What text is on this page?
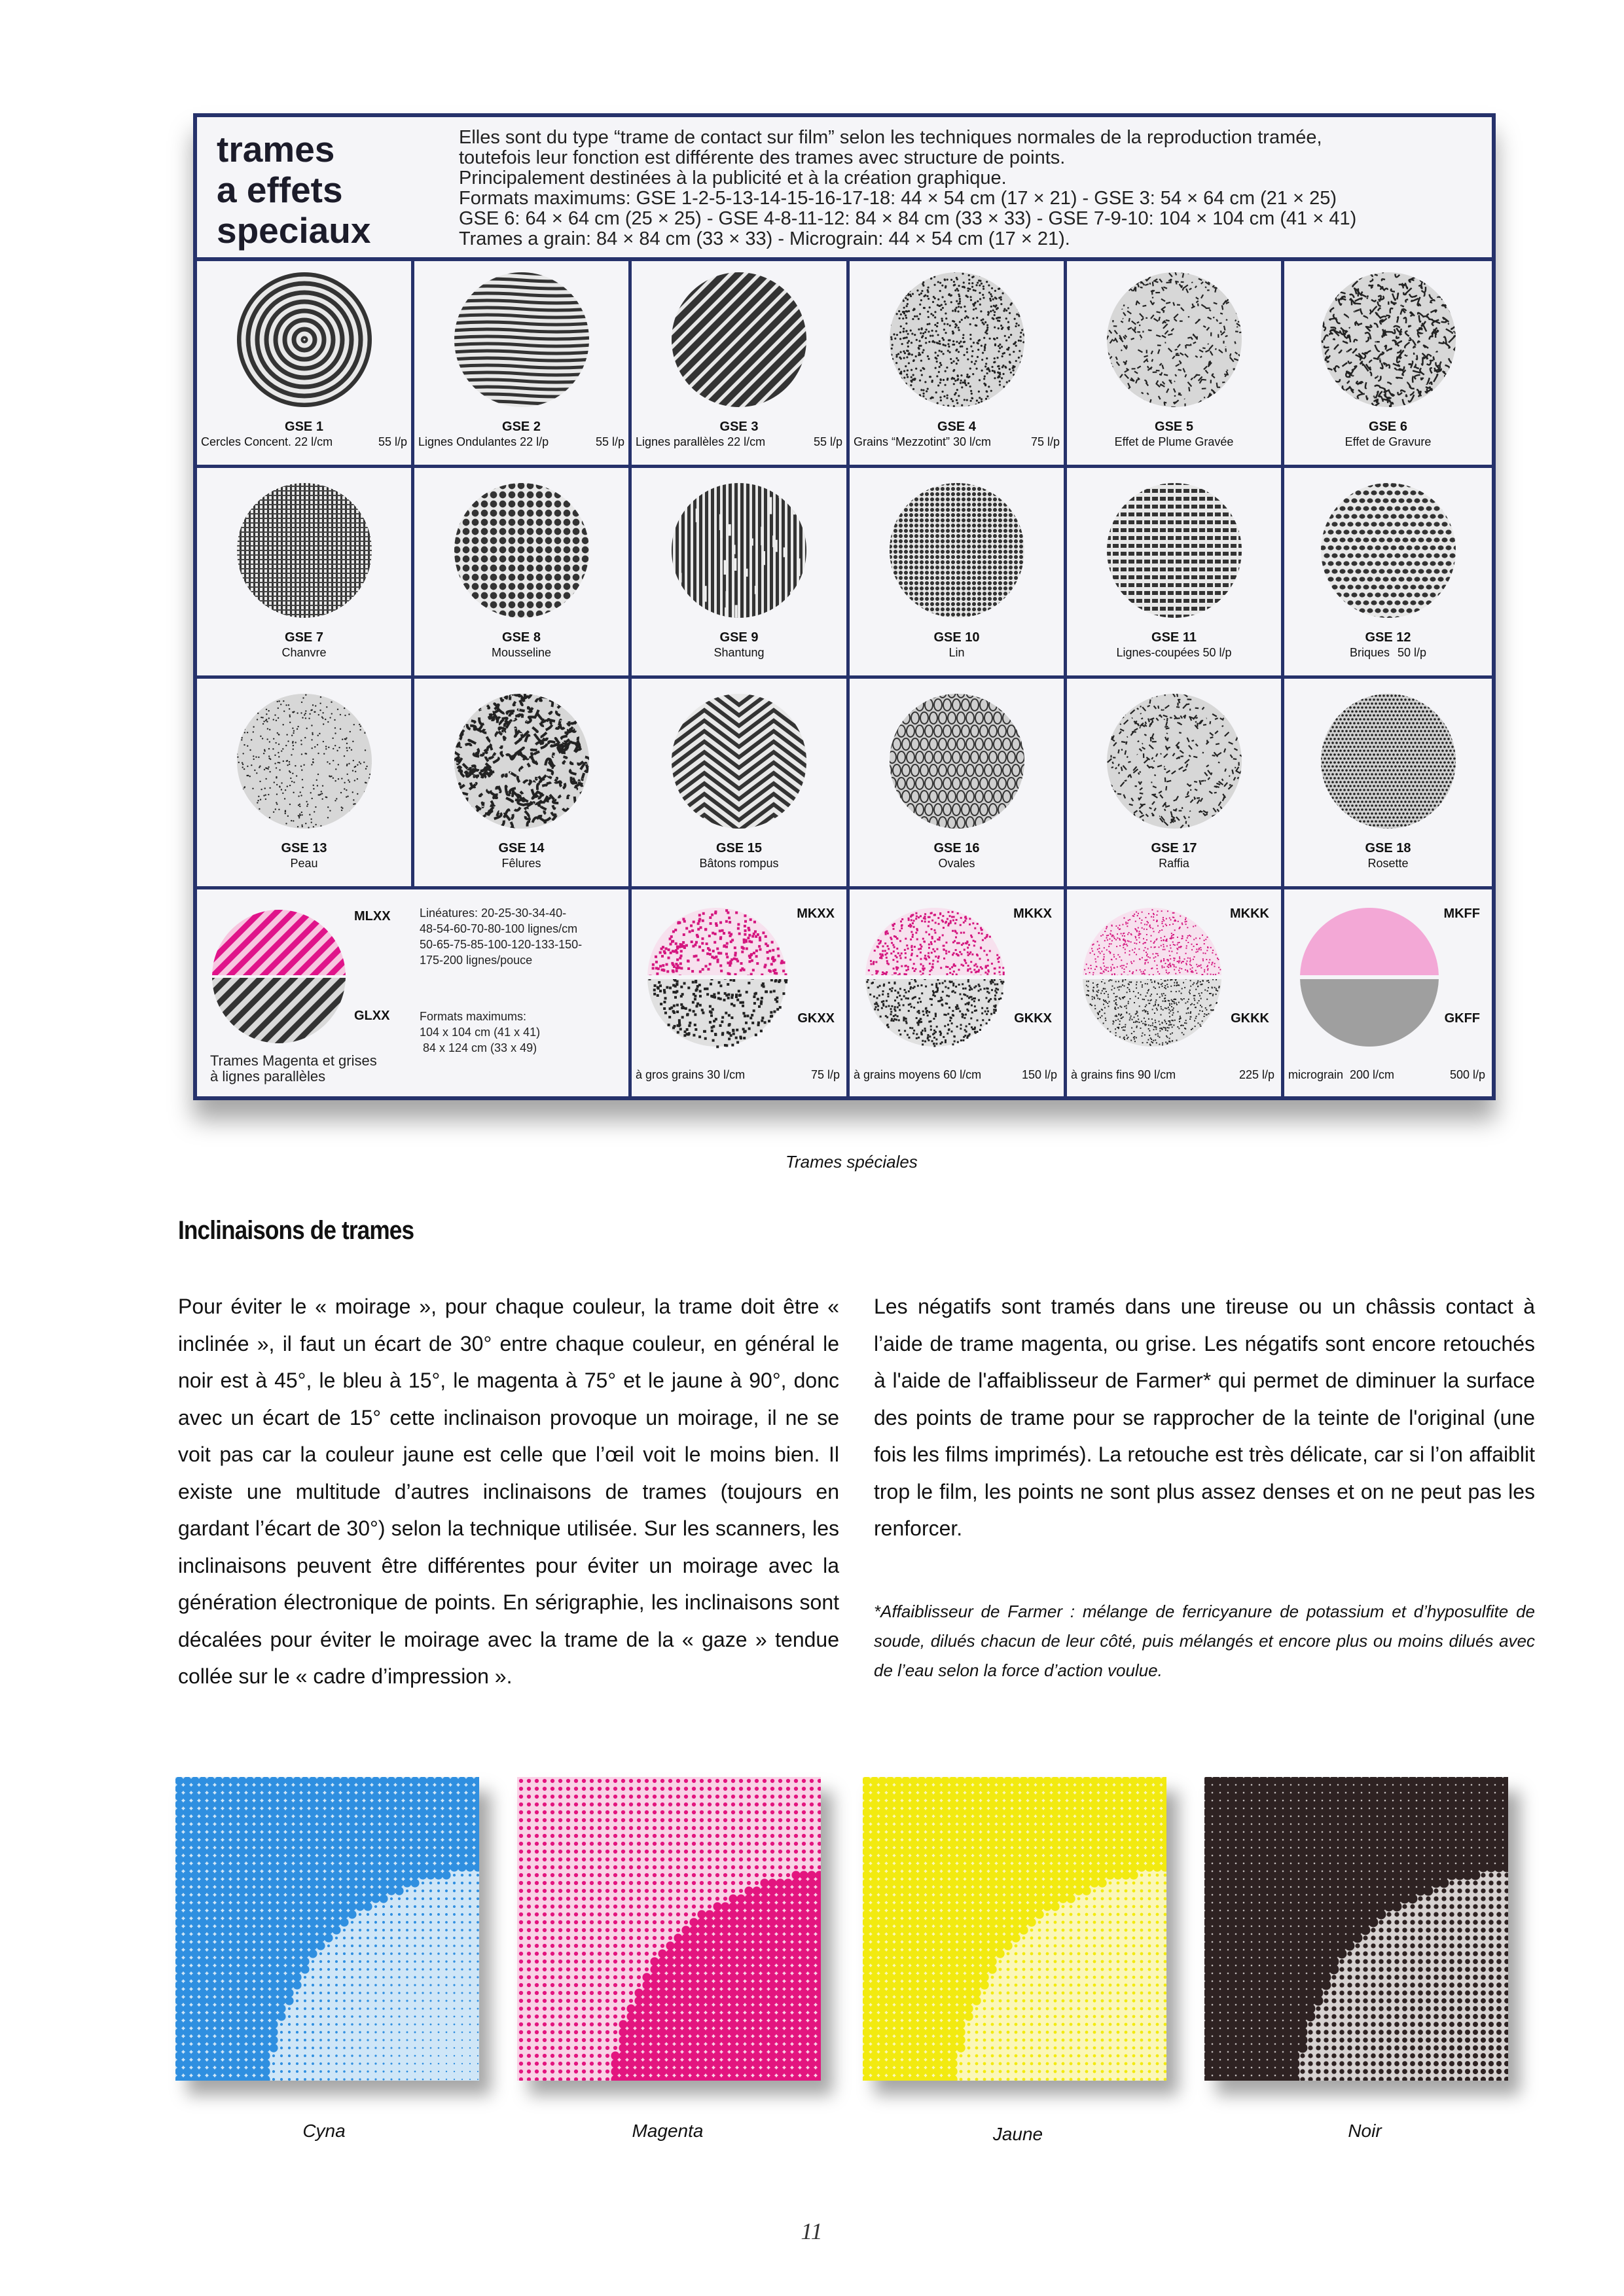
trames
a effets
speciaux
Elles sont du type “trame de contact sur film” selon les techniques normales de la reproduction tramée,
toutefois leur fonction est différente des trames avec structure de points.
Principalement destinées à la publicité et à la création graphique.
Formats maximums: GSE 1-2-5-13-14-15-16-17-18: 44 × 54 cm (17 × 21) - GSE 3: 54 × 64 cm (21 × 25)
GSE 6: 64 × 64 cm (25 × 25) - GSE 4-8-11-12: 84 × 84 cm (33 × 33) - GSE 7-9-10: 104 × 104 cm (41 × 41)
Trames a grain: 84 × 84 cm (33 × 33) - Micrograin: 44 × 54 cm (17 × 21).
GSE 1
Cercles Concent. 22 l/cm	55 l/p
GSE 2
Lignes Ondulantes 22 l/p	55 l/p
GSE 3
Lignes parallèles 22 l/cm	55 l/p
GSE 4
Grains “Mezzotint” 30 l/cm	75 l/p
GSE 5
Effet de Plume Gravée
GSE 6
Effet de Gravure
GSE 7
Chanvre
GSE 8
Mousseline
GSE 9
Shantung
GSE 10
Lin
GSE 11
Lignes-coupées 50 l/p
GSE 12
Briques 50 l/p
GSE 13
Peau
GSE 14
Fêlures
GSE 15
Bâtons rompus
GSE 16
Ovales
GSE 17
Raffia
GSE 18
Rosette
MLXX
GLXX
Linéatures: 20-25-30-34-40-
48-54-60-70-80-100 lignes/cm
50-65-75-85-100-120-133-150-
175-200 lignes/pouce
Formats maximums:
104 x 104 cm (41 x 41)
84 x 124 cm (33 x 49)
Trames Magenta et grises
à lignes parallèles
MKXX
GKXX
à gros grains 30 l/cm	75 l/p
MKKX
GKKX
à grains moyens 60 l/cm	150 l/p
MKKK
GKKK
à grains fins 90 l/cm	225 l/p
MKFF
GKFF
micrograin  200 l/cm	500 l/p
Trames spéciales
Inclinaisons de trames
Pour éviter le « moirage », pour chaque couleur, la trame doit être « inclinée », il faut un écart de 30° entre chaque couleur, en général le noir est à 45°, le bleu à 15°, le magenta à 75° et le jaune à 90°, donc avec un écart de 15° cette inclinaison provoque un moirage, il ne se voit pas car la couleur jaune est celle que l’œil voit le moins bien. Il existe une multitude d’autres inclinaisons de trames (toujours en gardant l’écart de 30°) selon la technique utilisée. Sur les scanners, les inclinaisons peuvent être différentes pour éviter un moirage avec la génération électronique de points. En sérigraphie, les inclinaisons sont décalées pour éviter le moirage avec la trame de la « gaze » tendue collée sur le « cadre d’impression ».
Les négatifs sont tramés dans une tireuse ou un châssis contact à l’aide de trame magenta, ou grise. Les négatifs sont encore retouchés à l'aide de l'affaiblisseur de Farmer* qui permet de diminuer la surface des points de trame pour se rapprocher de la teinte de l'original (une fois les films imprimés). La retouche est très délicate, car si l’on affaiblit trop le film, les points ne sont plus assez denses et on ne peut pas les renforcer.
*Affaiblisseur de Farmer : mélange de ferricyanure de potassium et d’hyposulfite de soude, dilués chacun de leur côté, puis mélangés et encore plus ou moins dilués avec de l’eau selon la force d’action voulue.
Cyna	Magenta	Jaune	Noir
11
